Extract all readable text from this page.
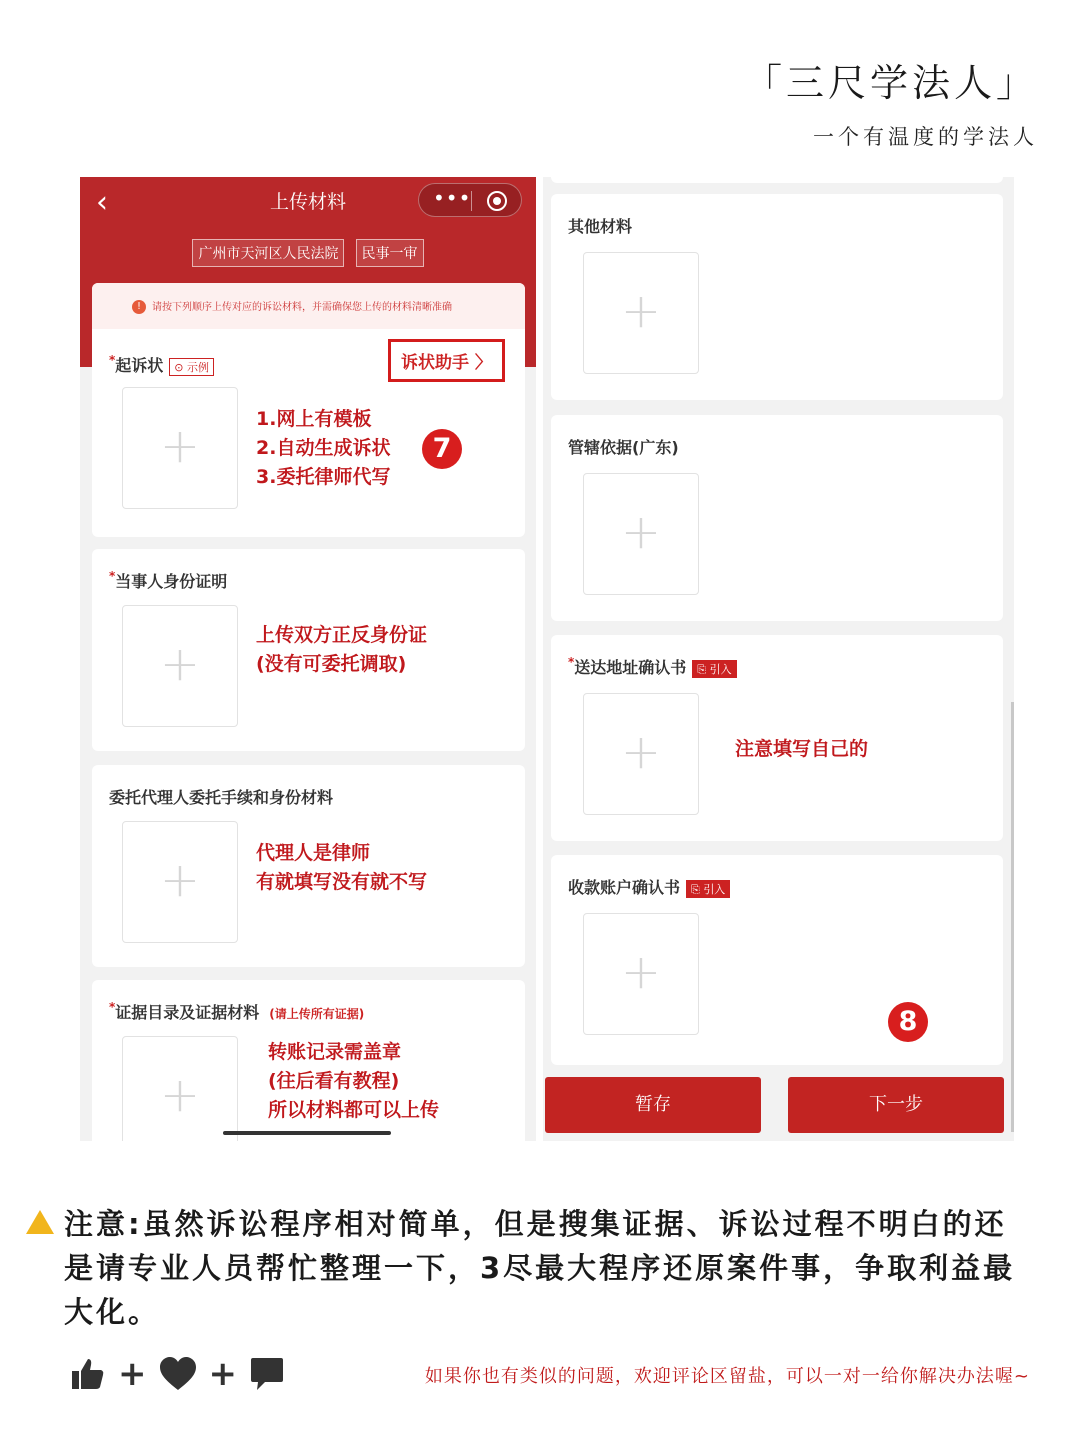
「三尺学法人」
一个有温度的学法人
‹	上传材料	•••
广州市天河区人民法院 民事一审
! 请按下列顺序上传对应的诉讼材料，并需确保您上传的材料清晰准确
*起诉状 ⊙ 示例	诉状助手 〉
+	1.网上有模板
2.自动生成诉状
3.委托律师代写
7
*当事人身份证明
+
上传双方正反身份证
(没有可委托调取)
委托代理人委托手续和身份材料
+	代理人是律师
有就填写没有就不写
*证据目录及证据材料 (请上传所有证据)
+
转账记录需盖章
(往后看有教程)
所以材料都可以上传
其他材料
+
管辖依据(广东)
+
*送达地址确认书 ⎘ 引入
+	注意填写自己的
收款账户确认书 ⎘ 引入
+
8
暂存	下一步
注意:虽然诉讼程序相对简单，但是搜集证据、诉讼过程不明白的还是请专业人员帮忙整理一下，3尽最大程序还原案件事，争取利益最大化。
+ +	如果你也有类似的问题，欢迎评论区留盐，可以一对一给你解决办法喔~
